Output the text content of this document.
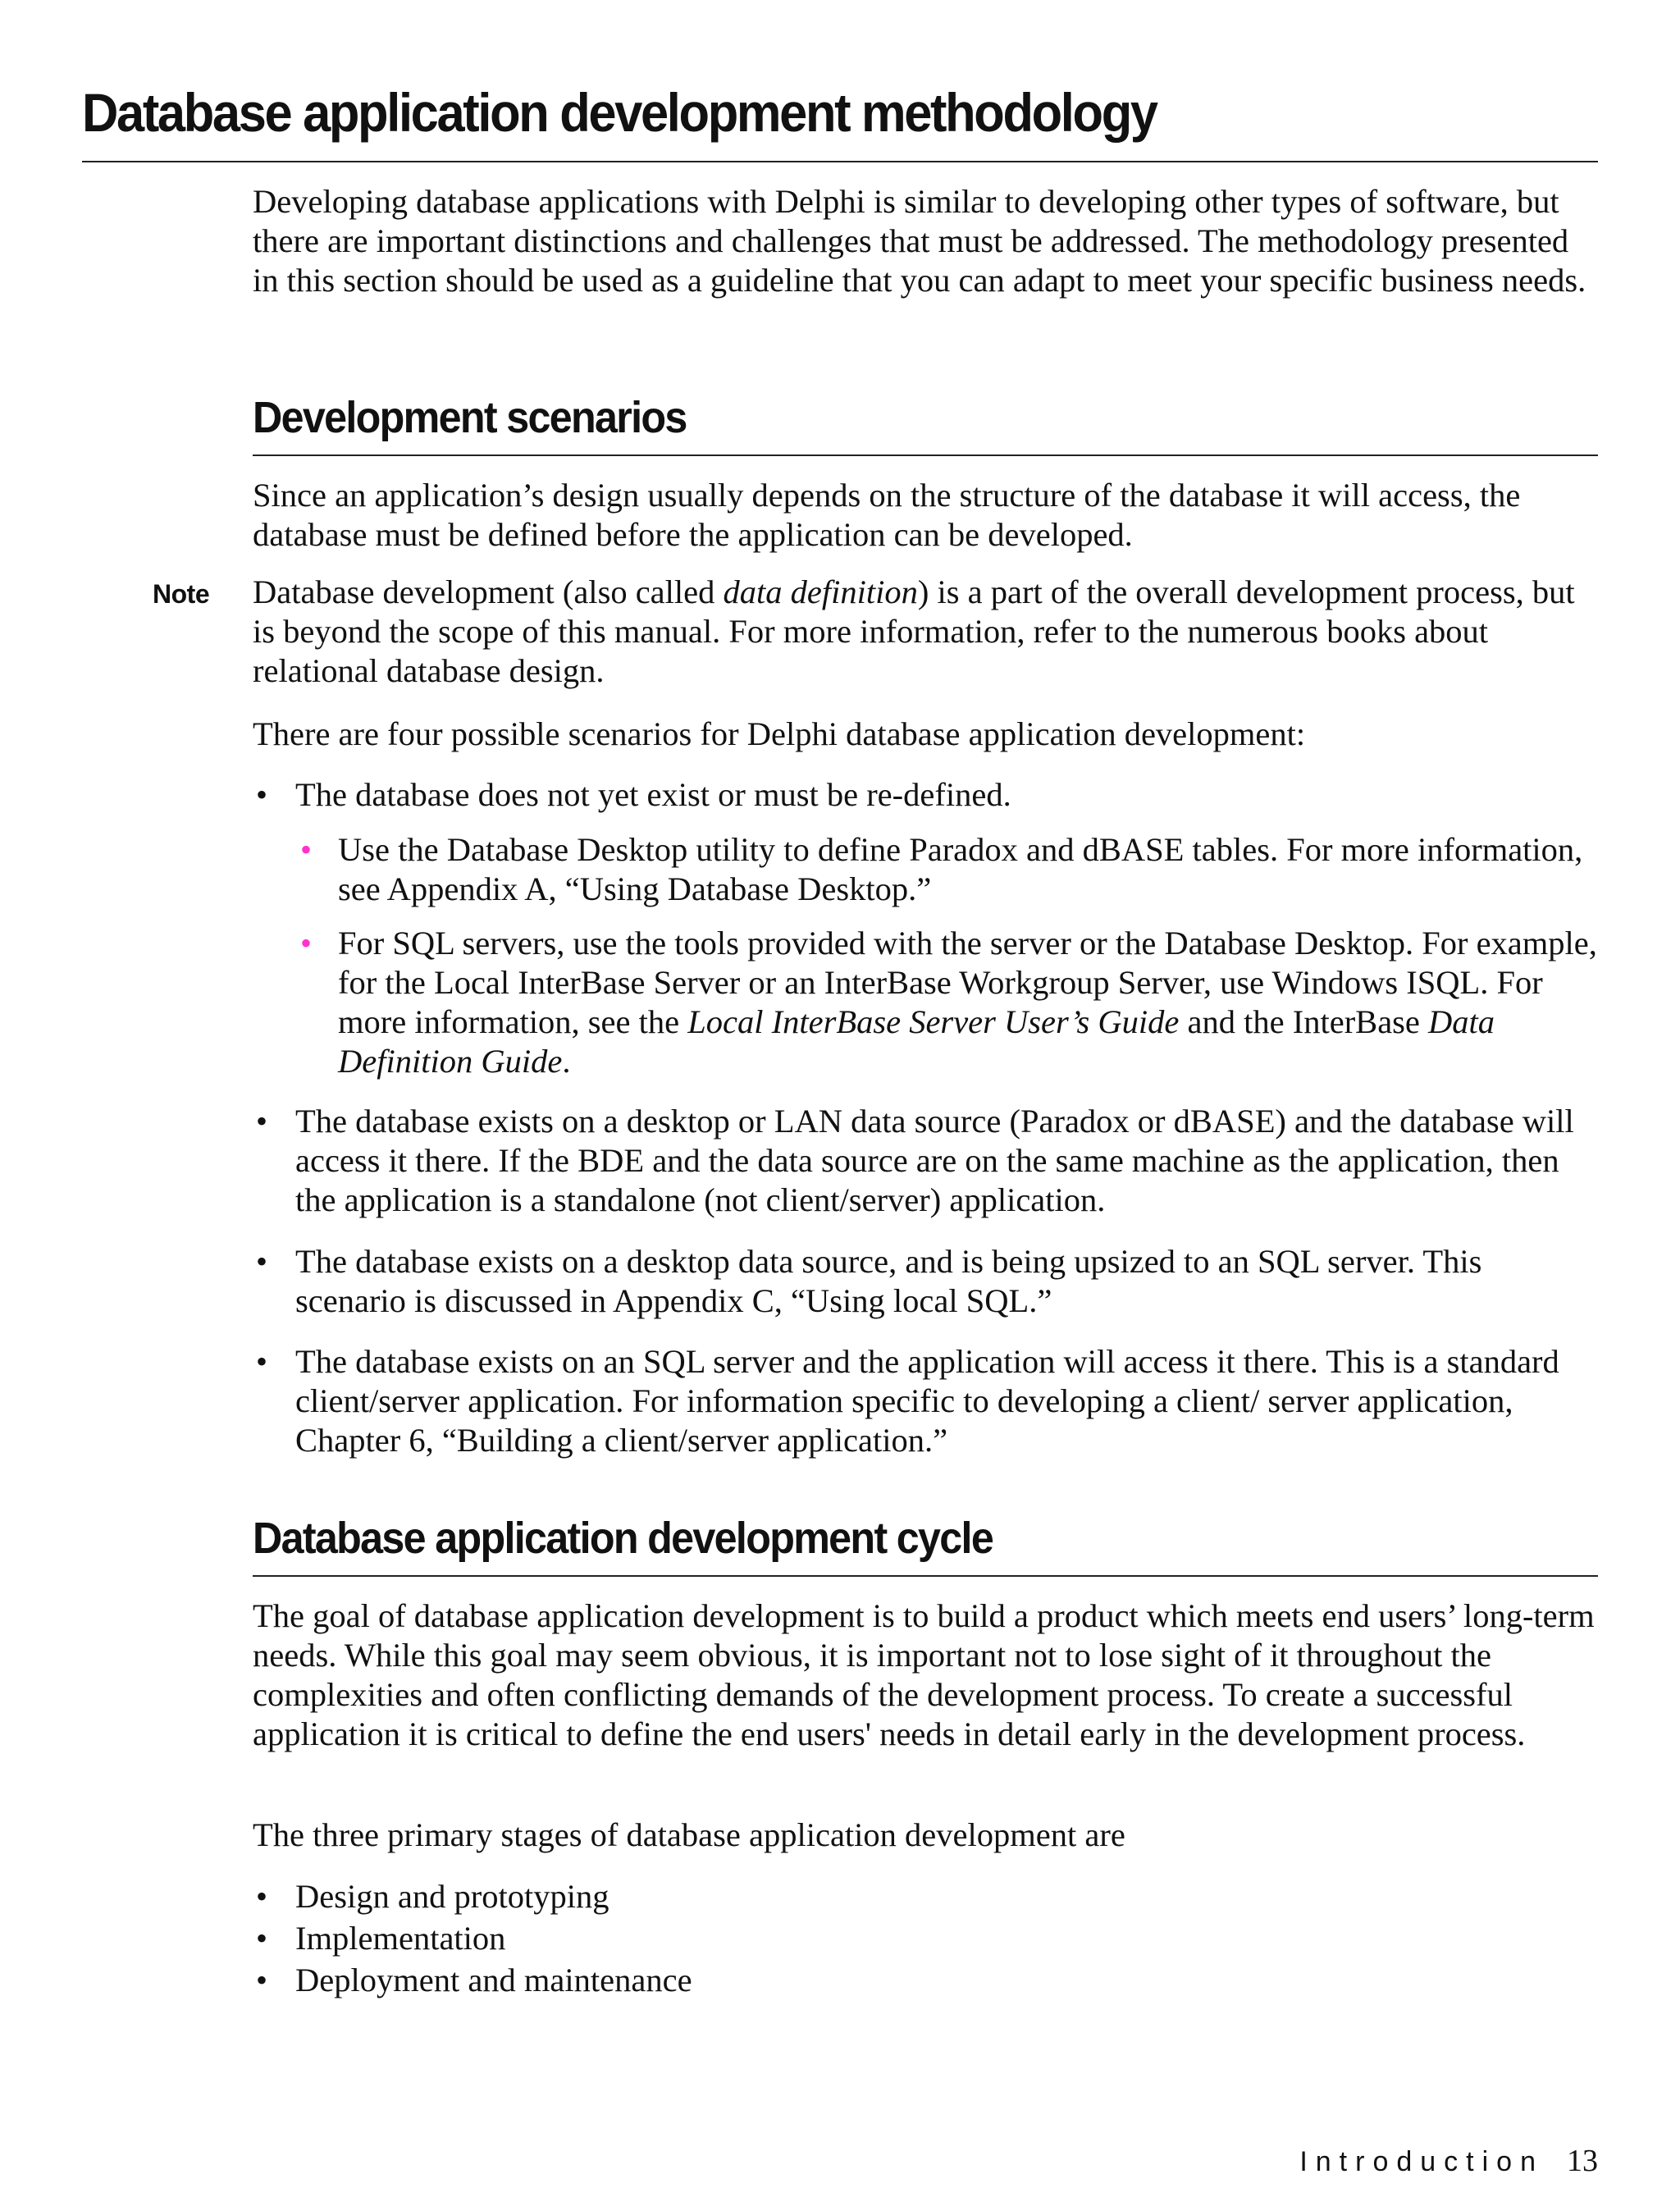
Database application development methodology

Developing database applications with Delphi is similar to developing other types of software, but there are important distinctions and challenges that must be addressed. The methodology presented in this section should be used as a guideline that you can adapt to meet your specific business needs.

Development scenarios

Since an application’s design usually depends on the structure of the database it will access, the database must be defined before the application can be developed.

Note Database development (also called data definition) is a part of the overall development process, but is beyond the scope of this manual. For more information, refer to the numerous books about relational database design.

There are four possible scenarios for Delphi database application development:

• The database does not yet exist or must be re-defined.

• Use the Database Desktop utility to define Paradox and dBASE tables. For more information, see Appendix A, “Using Database Desktop.”

• For SQL servers, use the tools provided with the server or the Database Desktop. For example, for the Local InterBase Server or an InterBase Workgroup Server, use Windows ISQL. For more information, see the Local InterBase Server User’s Guide and the InterBase Data Definition Guide.

• The database exists on a desktop or LAN data source (Paradox or dBASE) and the database will access it there. If the BDE and the data source are on the same machine as the application, then the application is a standalone (not client/server) application.

• The database exists on a desktop data source, and is being upsized to an SQL server. This scenario is discussed in Appendix C, “Using local SQL.”

• The database exists on an SQL server and the application will access it there. This is a standard client/server application. For information specific to developing a client/ server application, Chapter 6, “Building a client/server application.”

Database application development cycle

The goal of database application development is to build a product which meets end users’ long-term needs. While this goal may seem obvious, it is important not to lose sight of it throughout the complexities and often conflicting demands of the development process. To create a successful application it is critical to define the end users' needs in detail early in the development process.

The three primary stages of database application development are

• Design and prototyping

• Implementation

• Deployment and maintenance

Introduction 13
